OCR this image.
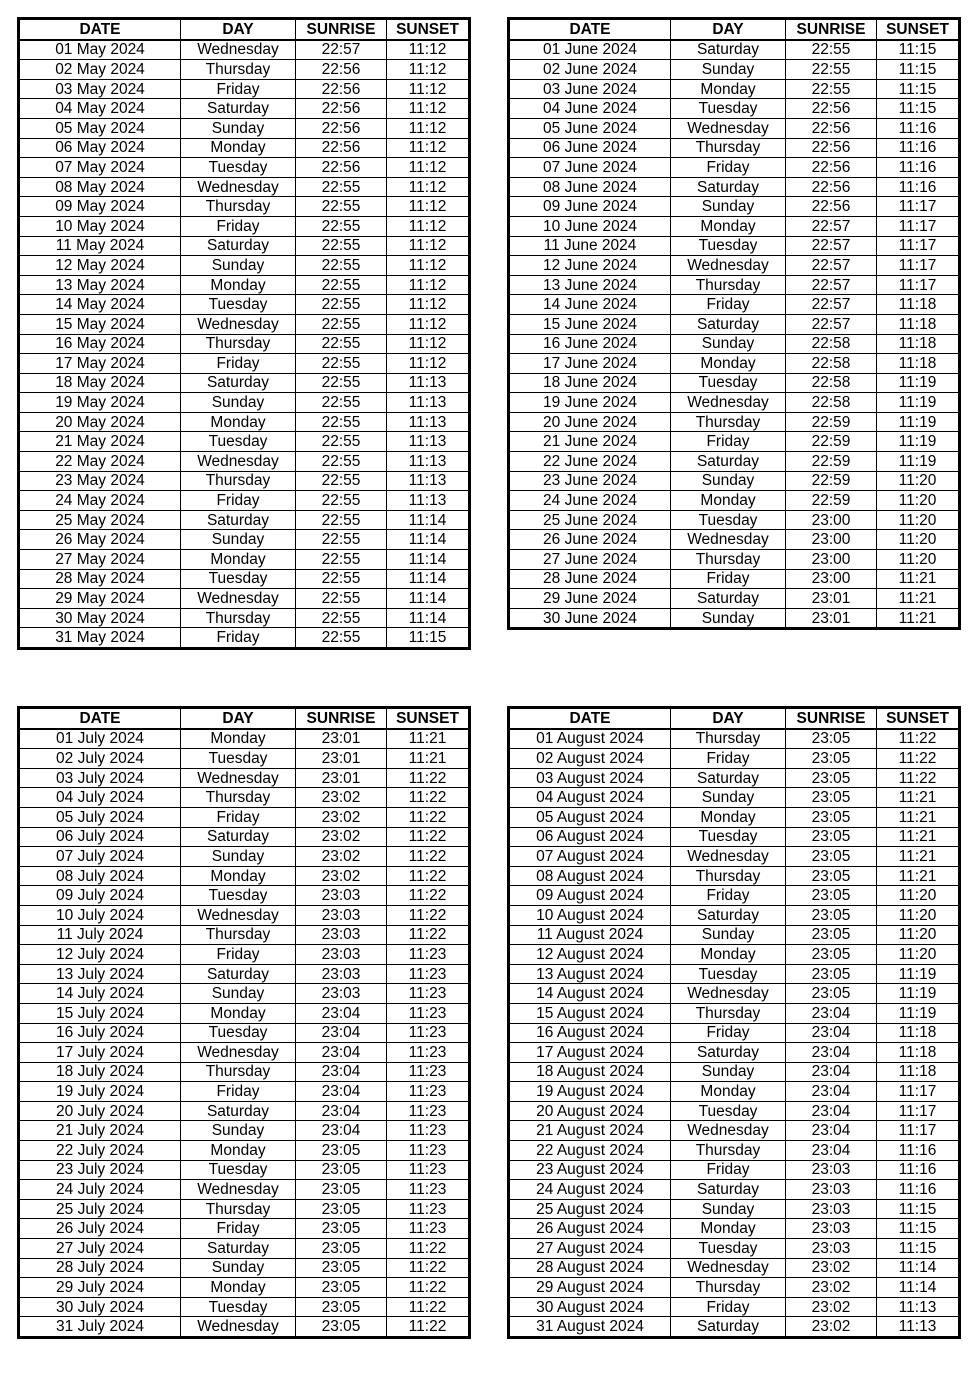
DATE	DAY	SUNRISE	SUNSET
01 May 2024	Wednesday	22:57	11:12
02 May 2024	Thursday	22:56	11:12
03 May 2024	Friday	22:56	11:12
04 May 2024	Saturday	22:56	11:12
05 May 2024	Sunday	22:56	11:12
06 May 2024	Monday	22:56	11:12
07 May 2024	Tuesday	22:56	11:12
08 May 2024	Wednesday	22:55	11:12
09 May 2024	Thursday	22:55	11:12
10 May 2024	Friday	22:55	11:12
11 May 2024	Saturday	22:55	11:12
12 May 2024	Sunday	22:55	11:12
13 May 2024	Monday	22:55	11:12
14 May 2024	Tuesday	22:55	11:12
15 May 2024	Wednesday	22:55	11:12
16 May 2024	Thursday	22:55	11:12
17 May 2024	Friday	22:55	11:12
18 May 2024	Saturday	22:55	11:13
19 May 2024	Sunday	22:55	11:13
20 May 2024	Monday	22:55	11:13
21 May 2024	Tuesday	22:55	11:13
22 May 2024	Wednesday	22:55	11:13
23 May 2024	Thursday	22:55	11:13
24 May 2024	Friday	22:55	11:13
25 May 2024	Saturday	22:55	11:14
26 May 2024	Sunday	22:55	11:14
27 May 2024	Monday	22:55	11:14
28 May 2024	Tuesday	22:55	11:14
29 May 2024	Wednesday	22:55	11:14
30 May 2024	Thursday	22:55	11:14
31 May 2024	Friday	22:55	11:15
DATE	DAY	SUNRISE	SUNSET
01 June 2024	Saturday	22:55	11:15
02 June 2024	Sunday	22:55	11:15
03 June 2024	Monday	22:55	11:15
04 June 2024	Tuesday	22:56	11:15
05 June 2024	Wednesday	22:56	11:16
06 June 2024	Thursday	22:56	11:16
07 June 2024	Friday	22:56	11:16
08 June 2024	Saturday	22:56	11:16
09 June 2024	Sunday	22:56	11:17
10 June 2024	Monday	22:57	11:17
11 June 2024	Tuesday	22:57	11:17
12 June 2024	Wednesday	22:57	11:17
13 June 2024	Thursday	22:57	11:17
14 June 2024	Friday	22:57	11:18
15 June 2024	Saturday	22:57	11:18
16 June 2024	Sunday	22:58	11:18
17 June 2024	Monday	22:58	11:18
18 June 2024	Tuesday	22:58	11:19
19 June 2024	Wednesday	22:58	11:19
20 June 2024	Thursday	22:59	11:19
21 June 2024	Friday	22:59	11:19
22 June 2024	Saturday	22:59	11:19
23 June 2024	Sunday	22:59	11:20
24 June 2024	Monday	22:59	11:20
25 June 2024	Tuesday	23:00	11:20
26 June 2024	Wednesday	23:00	11:20
27 June 2024	Thursday	23:00	11:20
28 June 2024	Friday	23:00	11:21
29 June 2024	Saturday	23:01	11:21
30 June 2024	Sunday	23:01	11:21
DATE	DAY	SUNRISE	SUNSET
01 July 2024	Monday	23:01	11:21
02 July 2024	Tuesday	23:01	11:21
03 July 2024	Wednesday	23:01	11:22
04 July 2024	Thursday	23:02	11:22
05 July 2024	Friday	23:02	11:22
06 July 2024	Saturday	23:02	11:22
07 July 2024	Sunday	23:02	11:22
08 July 2024	Monday	23:02	11:22
09 July 2024	Tuesday	23:03	11:22
10 July 2024	Wednesday	23:03	11:22
11 July 2024	Thursday	23:03	11:22
12 July 2024	Friday	23:03	11:23
13 July 2024	Saturday	23:03	11:23
14 July 2024	Sunday	23:03	11:23
15 July 2024	Monday	23:04	11:23
16 July 2024	Tuesday	23:04	11:23
17 July 2024	Wednesday	23:04	11:23
18 July 2024	Thursday	23:04	11:23
19 July 2024	Friday	23:04	11:23
20 July 2024	Saturday	23:04	11:23
21 July 2024	Sunday	23:04	11:23
22 July 2024	Monday	23:05	11:23
23 July 2024	Tuesday	23:05	11:23
24 July 2024	Wednesday	23:05	11:23
25 July 2024	Thursday	23:05	11:23
26 July 2024	Friday	23:05	11:23
27 July 2024	Saturday	23:05	11:22
28 July 2024	Sunday	23:05	11:22
29 July 2024	Monday	23:05	11:22
30 July 2024	Tuesday	23:05	11:22
31 July 2024	Wednesday	23:05	11:22
DATE	DAY	SUNRISE	SUNSET
01 August 2024	Thursday	23:05	11:22
02 August 2024	Friday	23:05	11:22
03 August 2024	Saturday	23:05	11:22
04 August 2024	Sunday	23:05	11:21
05 August 2024	Monday	23:05	11:21
06 August 2024	Tuesday	23:05	11:21
07 August 2024	Wednesday	23:05	11:21
08 August 2024	Thursday	23:05	11:21
09 August 2024	Friday	23:05	11:20
10 August 2024	Saturday	23:05	11:20
11 August 2024	Sunday	23:05	11:20
12 August 2024	Monday	23:05	11:20
13 August 2024	Tuesday	23:05	11:19
14 August 2024	Wednesday	23:05	11:19
15 August 2024	Thursday	23:04	11:19
16 August 2024	Friday	23:04	11:18
17 August 2024	Saturday	23:04	11:18
18 August 2024	Sunday	23:04	11:18
19 August 2024	Monday	23:04	11:17
20 August 2024	Tuesday	23:04	11:17
21 August 2024	Wednesday	23:04	11:17
22 August 2024	Thursday	23:04	11:16
23 August 2024	Friday	23:03	11:16
24 August 2024	Saturday	23:03	11:16
25 August 2024	Sunday	23:03	11:15
26 August 2024	Monday	23:03	11:15
27 August 2024	Tuesday	23:03	11:15
28 August 2024	Wednesday	23:02	11:14
29 August 2024	Thursday	23:02	11:14
30 August 2024	Friday	23:02	11:13
31 August 2024	Saturday	23:02	11:13
